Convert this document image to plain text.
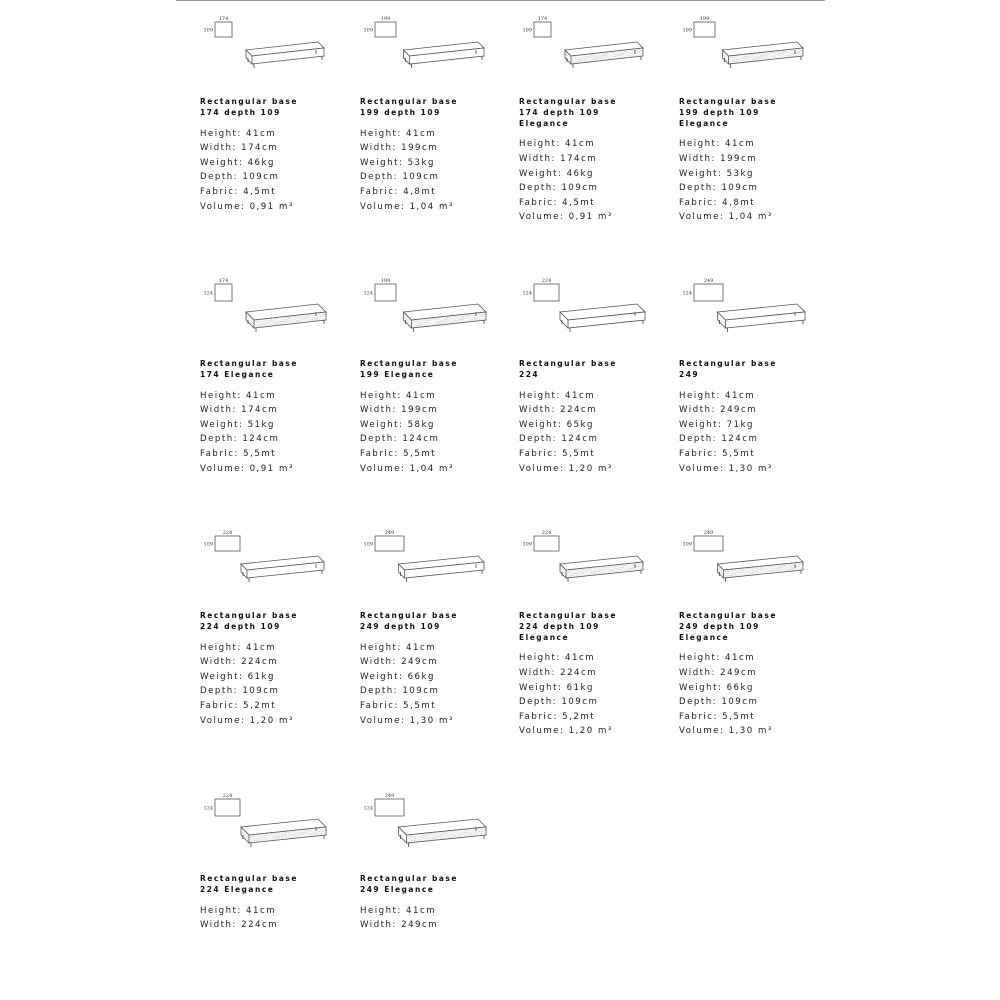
174
109
Rectangular base
174 depth 109
Height: 41cm
Width: 174cm
Weight: 46kg
Depth: 109cm
Fabric: 4,5mt
Volume: 0,91 m³
199
109
Rectangular base
199 depth 109
Height: 41cm
Width: 199cm
Weight: 53kg
Depth: 109cm
Fabric: 4,8mt
Volume: 1,04 m³
174
109
Rectangular base
174 depth 109
Elegance
Height: 41cm
Width: 174cm
Weight: 46kg
Depth: 109cm
Fabric: 4,5mt
Volume: 0,91 m³
199
109
Rectangular base
199 depth 109
Elegance
Height: 41cm
Width: 199cm
Weight: 53kg
Depth: 109cm
Fabric: 4,8mt
Volume: 1,04 m³
174
124
Rectangular base
174 Elegance
Height: 41cm
Width: 174cm
Weight: 51kg
Depth: 124cm
Fabric: 5,5mt
Volume: 0,91 m³
199
124
Rectangular base
199 Elegance
Height: 41cm
Width: 199cm
Weight: 58kg
Depth: 124cm
Fabric: 5,5mt
Volume: 1,04 m³
224
124
Rectangular base
224
Height: 41cm
Width: 224cm
Weight: 65kg
Depth: 124cm
Fabric: 5,5mt
Volume: 1,20 m³
249
124
Rectangular base
249
Height: 41cm
Width: 249cm
Weight: 71kg
Depth: 124cm
Fabric: 5,5mt
Volume: 1,30 m³
224
109
Rectangular base
224 depth 109
Height: 41cm
Width: 224cm
Weight: 61kg
Depth: 109cm
Fabric: 5,2mt
Volume: 1,20 m³
249
109
Rectangular base
249 depth 109
Height: 41cm
Width: 249cm
Weight: 66kg
Depth: 109cm
Fabric: 5,5mt
Volume: 1,30 m³
224
109
Rectangular base
224 depth 109
Elegance
Height: 41cm
Width: 224cm
Weight: 61kg
Depth: 109cm
Fabric: 5,2mt
Volume: 1,20 m³
249
109
Rectangular base
249 depth 109
Elegance
Height: 41cm
Width: 249cm
Weight: 66kg
Depth: 109cm
Fabric: 5,5mt
Volume: 1,30 m³
224
124
Rectangular base
224 Elegance
Height: 41cm
Width: 224cm
249
124
Rectangular base
249 Elegance
Height: 41cm
Width: 249cm
